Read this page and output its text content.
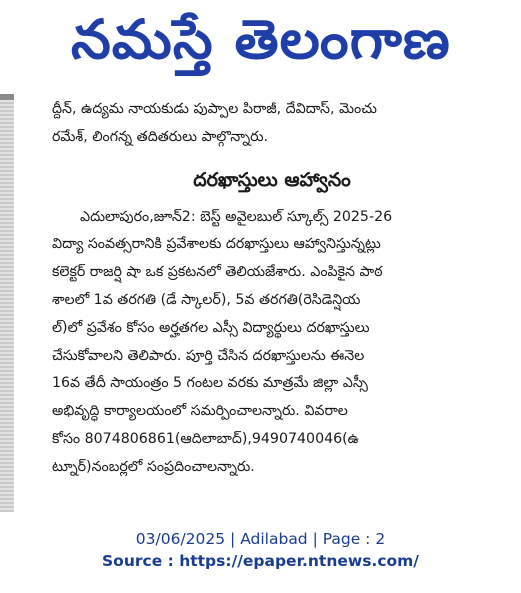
నమస్తే తెలంగాణ
ద్దీన్, ఉద్యమ నాయకుడు పుప్పాల పిరాజీ, దేవిదాస్, మెంచు
రమేశ్, లింగన్న తదితరులు పాల్గొన్నారు.
దరఖాస్తులు ఆహ్వానం
ఎదులాపురం,జూన్2: బెస్ట్ అవైలబుల్ స్కూల్స్ 2025-26
విద్యా సంవత్సరానికి ప్రవేశాలకు దరఖాస్తులు ఆహ్వానిస్తున్నట్లు
కలెక్టర్ రాజర్షి షా ఒక ప్రకటనలో తెలియజేశారు. ఎంపికైన పాఠ
శాలలో 1వ తరగతి (డే స్కాలర్), 5వ తరగతి(రెసిడెన్షియ
ల్)లో ప్రవేశం కోసం అర్హతగల ఎస్సీ విద్యార్థులు దరఖాస్తులు
చేసుకోవాలని తెలిపారు. పూర్తి చేసిన దరఖాస్తులను ఈనెల
16వ తేదీ సాయంత్రం 5 గంటల వరకు మాత్రమే జిల్లా ఎస్సీ
అభివృద్ధి కార్యాలయంలో సమర్పించాలన్నారు. వివరాల
కోసం 8074806861(ఆదిలాబాద్),9490740046(ఉ
ట్నూర్)నంబర్లలో సంప్రదించాలన్నారు.
03/06/2025 | Adilabad | Page : 2
Source : https://epaper.ntnews.com/
